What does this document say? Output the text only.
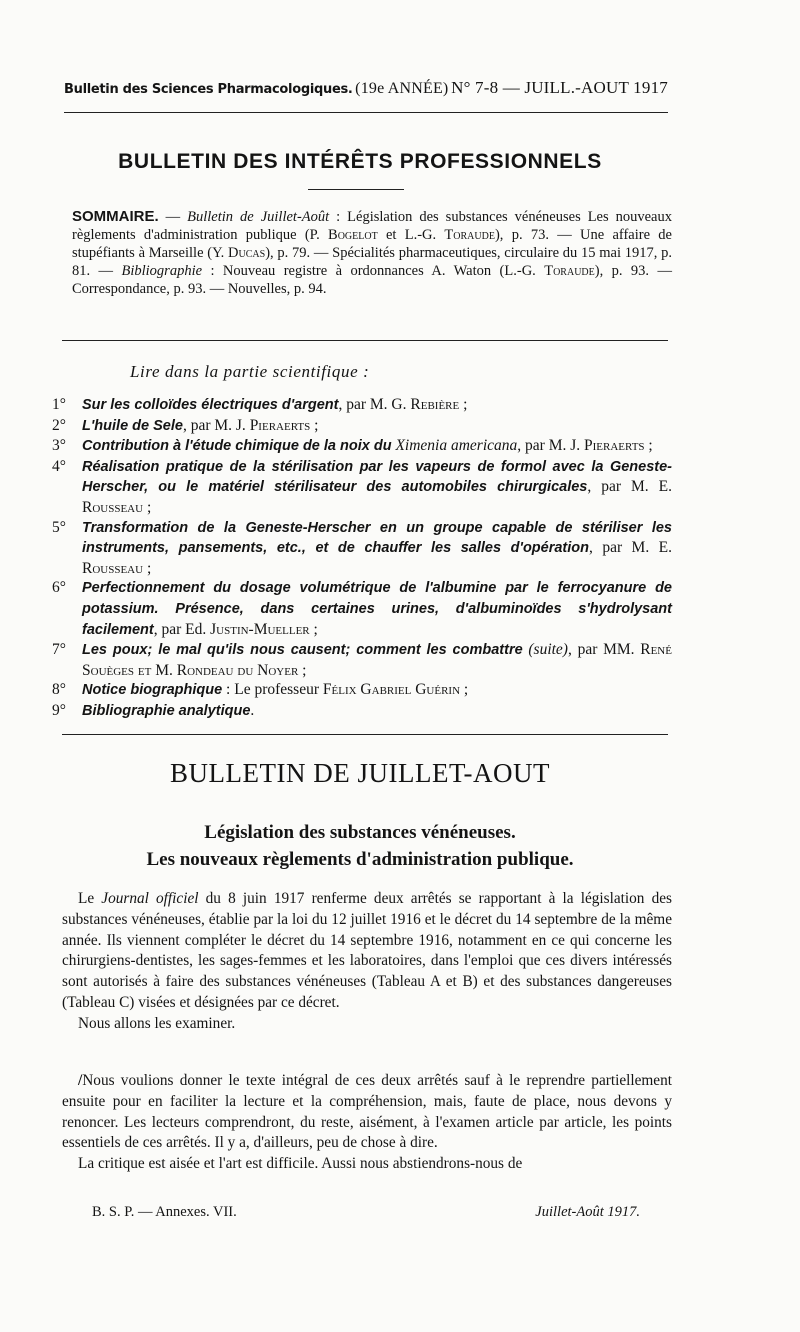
Bulletin des Sciences Pharmacologiques. (19e ANNÉE) N° 7-8 — JUILL.-AOUT 1917
BULLETIN DES INTÉRÊTS PROFESSIONNELS
SOMMAIRE. — Bulletin de Juillet-Août : Législation des substances vénéneuses Les nouveaux règlements d'administration publique (P. Bogelot et L.-G. Toraude), p. 73. — Une affaire de stupéfiants à Marseille (Y. Ducas), p. 79. — Spécialités pharmaceutiques, circulaire du 15 mai 1917, p. 81. — Bibliographie : Nouveau registre à ordonnances A. Waton (L.-G. Toraude), p. 93. — Correspondance, p. 93. — Nouvelles, p. 94.
Lire dans la partie scientifique :
1°	Sur les colloïdes électriques d'argent, par M. G. Rebière ;
2°	L'huile de Sele, par M. J. Pieraerts ;
3°	Contribution à l'étude chimique de la noix du Ximenia americana, par M. J. Pieraerts ;
4°	Réalisation pratique de la stérilisation par les vapeurs de formol avec la Geneste-Herscher, ou le matériel stérilisateur des automobiles chirurgicales, par M. E. Rousseau ;
5°	Transformation de la Geneste-Herscher en un groupe capable de stériliser les instruments, pansements, etc., et de chauffer les salles d'opération, par M. E. Rousseau ;
6°	Perfectionnement du dosage volumétrique de l'albumine par le ferrocyanure de potassium. Présence, dans certaines urines, d'albuminoïdes s'hydrolysant facilement, par Ed. Justin-Mueller ;
7°	Les poux; le mal qu'ils nous causent; comment les combattre (suite), par MM. René Souèges et M. Rondeau du Noyer ;
8°	Notice biographique : Le professeur Félix Gabriel Guérin ;
9°	Bibliographie analytique.
BULLETIN DE JUILLET-AOUT
Législation des substances vénéneuses.
Les nouveaux règlements d'administration publique.

Le Journal officiel du 8 juin 1917 renferme deux arrêtés se rapportant à la législation des substances vénéneuses, établie par la loi du 12 juillet 1916 et le décret du 14 septembre de la même année. Ils viennent compléter le décret du 14 septembre 1916, notamment en ce qui concerne les chirurgiens-dentistes, les sages-femmes et les laboratoires, dans l'emploi que ces divers intéressés sont autorisés à faire des substances vénéneuses (Tableau A et B) et des substances dangereuses (Tableau C) visées et désignées par ce décret.

Nous allons les examiner.

/Nous voulions donner le texte intégral de ces deux arrêtés sauf à le reprendre partiellement ensuite pour en faciliter la lecture et la compréhension, mais, faute de place, nous devons y renoncer. Les lecteurs comprendront, du reste, aisément, à l'examen article par article, les points essentiels de ces arrêtés. Il y a, d'ailleurs, peu de chose à dire.

La critique est aisée et l'art est difficile. Aussi nous abstiendrons-nous de

B. S. P. — Annexes. VII.	Juillet-Août 1917.
